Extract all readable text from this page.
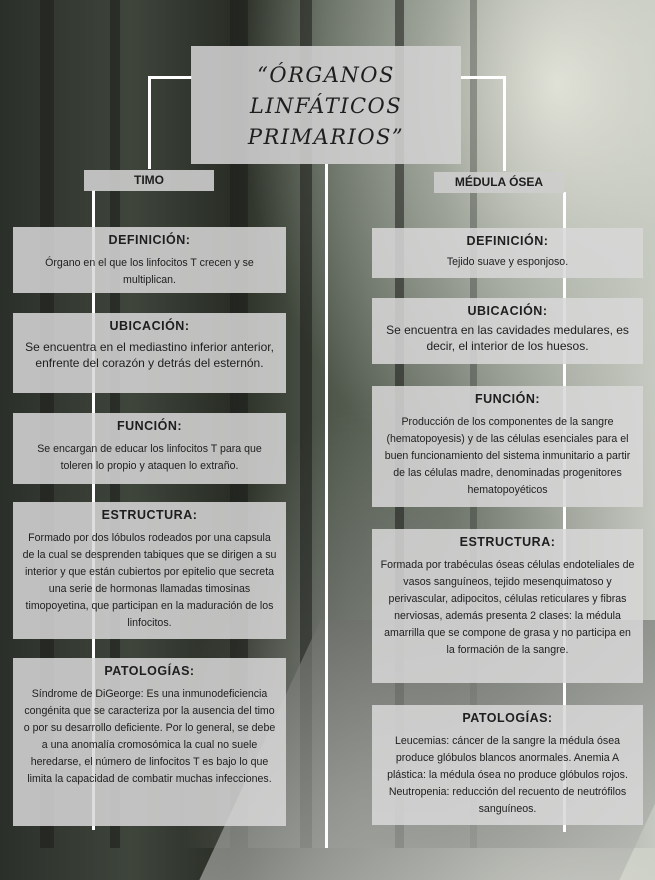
“ÓRGANOS LINFÁTICOS PRIMARIOS”
TIMO	MÉDULA ÓSEA
DEFINICIÓN:
Órgano en el que los linfocitos T crecen y se multiplican.
UBICACIÓN:
Se encuentra en el mediastino inferior anterior, enfrente del corazón y detrás del esternón.
FUNCIÓN:
Se encargan de educar los linfocitos T para que toleren lo propio y ataquen lo extraño.
ESTRUCTURA:
Formado por dos lóbulos rodeados por una capsula de la cual se desprenden tabiques que se dirigen a su interior y que están cubiertos por epitelio que secreta una serie de hormonas llamadas timosinas timopoyetina, que participan en la maduración de los linfocitos.
PATOLOGÍAS:
Síndrome de DiGeorge: Es una inmunodeficiencia congénita que se caracteriza por la ausencia del timo o por su desarrollo deficiente. Por lo general, se debe a una anomalía cromosómica la cual no suele heredarse, el número de linfocitos T es bajo lo que limita la capacidad de combatir muchas infecciones.
DEFINICIÓN:
Tejido suave y esponjoso.
UBICACIÓN:
Se encuentra en las cavidades medulares, es decir, el interior de los huesos.
FUNCIÓN:
Producción de los componentes de la sangre (hematopoyesis) y de las células esenciales para el buen funcionamiento del sistema inmunitario a partir de las células madre, denominadas progenitores hematopoyéticos
ESTRUCTURA:
Formada por trabéculas óseas células endoteliales de vasos sanguíneos, tejido mesenquimatoso y perivascular, adipocitos, células reticulares y fibras nerviosas, además presenta 2 clases: la médula amarrilla que se compone de grasa y no participa en la formación de la sangre.
PATOLOGÍAS:
Leucemias: cáncer de la sangre la médula ósea produce glóbulos blancos anormales. Anemia A plástica: la médula ósea no produce glóbulos rojos. Neutropenia: reducción del recuento de neutrófilos sanguíneos.
